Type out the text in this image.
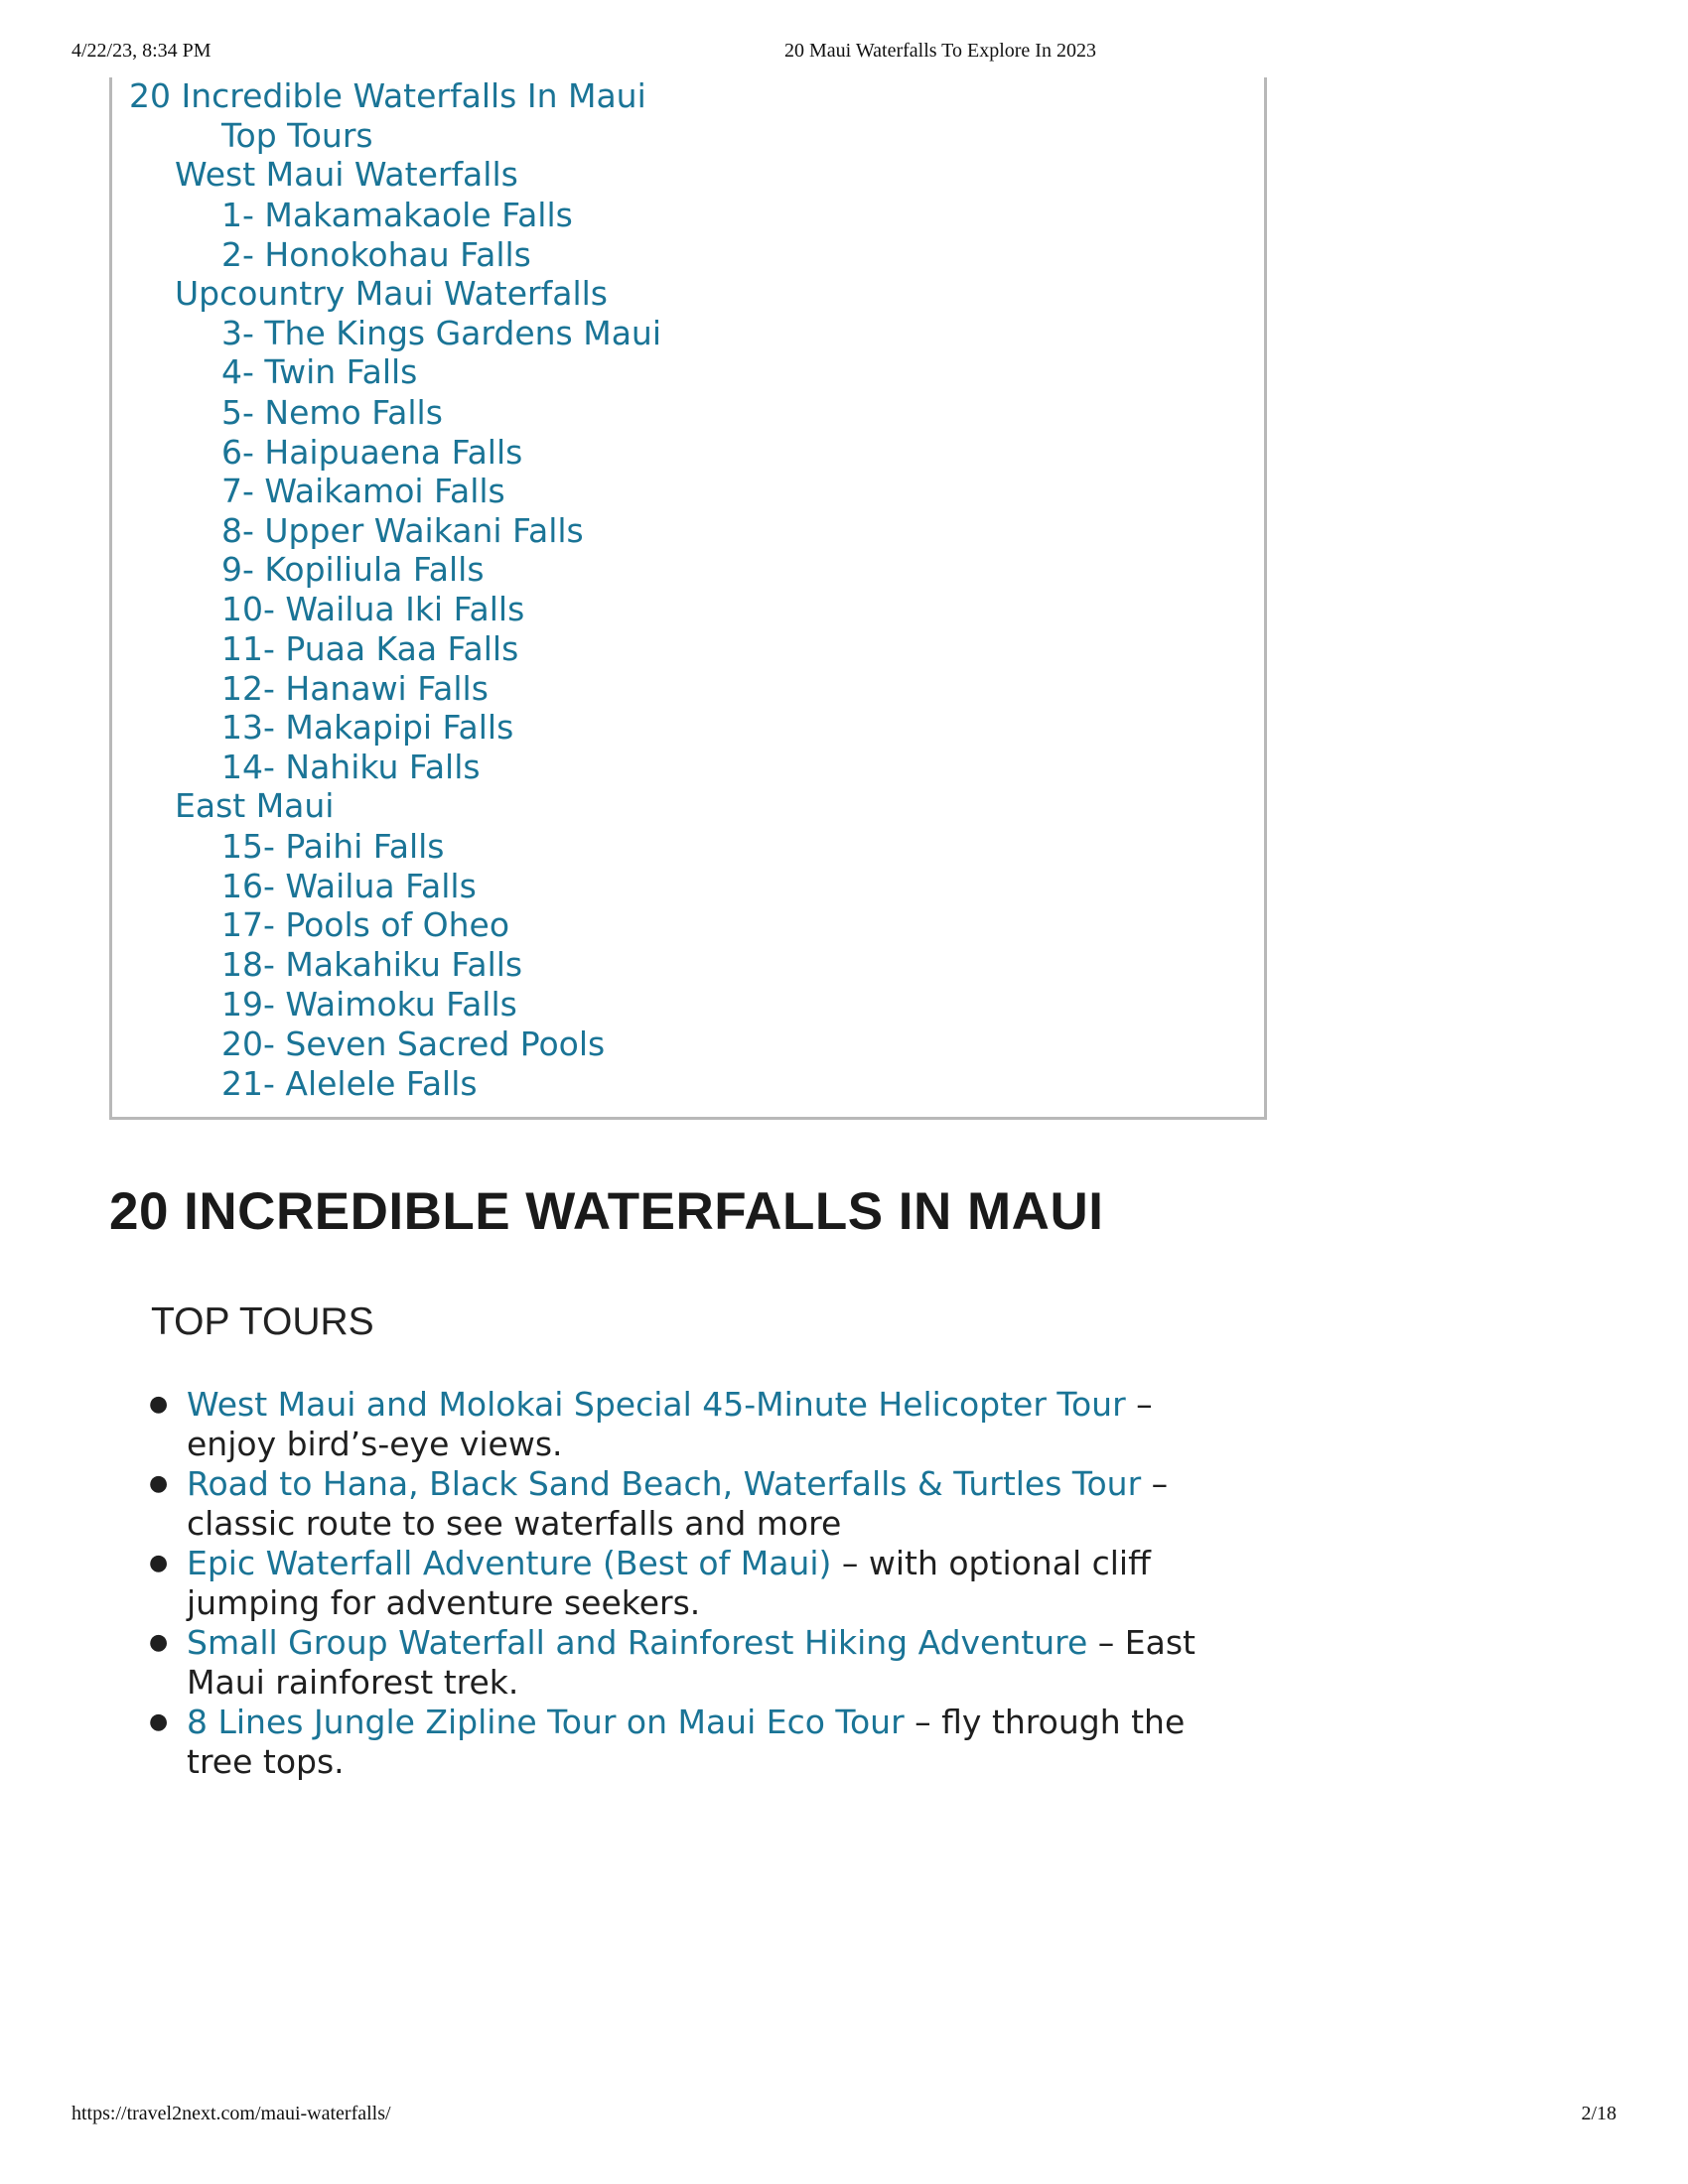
4/22/23, 8:34 PM	20 Maui Waterfalls To Explore In 2023
20 Incredible Waterfalls In Maui
Top Tours
West Maui Waterfalls
1- Makamakaole Falls
2- Honokohau Falls
Upcountry Maui Waterfalls
3- The Kings Gardens Maui
4- Twin Falls
5- Nemo Falls
6- Haipuaena Falls
7- Waikamoi Falls
8- Upper Waikani Falls
9- Kopiliula Falls
10- Wailua Iki Falls
11- Puaa Kaa Falls
12- Hanawi Falls
13- Makapipi Falls
14- Nahiku Falls
East Maui
15- Paihi Falls
16- Wailua Falls
17- Pools of Oheo
18- Makahiku Falls
19- Waimoku Falls
20- Seven Sacred Pools
21- Alelele Falls
20 INCREDIBLE WATERFALLS IN MAUI
TOP TOURS
● West Maui and Molokai Special 45-Minute Helicopter Tour –
enjoy bird’s-eye views.
● Road to Hana, Black Sand Beach, Waterfalls & Turtles Tour –
classic route to see waterfalls and more
● Epic Waterfall Adventure (Best of Maui) – with optional cliff
jumping for adventure seekers.
● Small Group Waterfall and Rainforest Hiking Adventure – East
Maui rainforest trek.
● 8 Lines Jungle Zipline Tour on Maui Eco Tour – fly through the
tree tops.
https://travel2next.com/maui-waterfalls/	2/18
